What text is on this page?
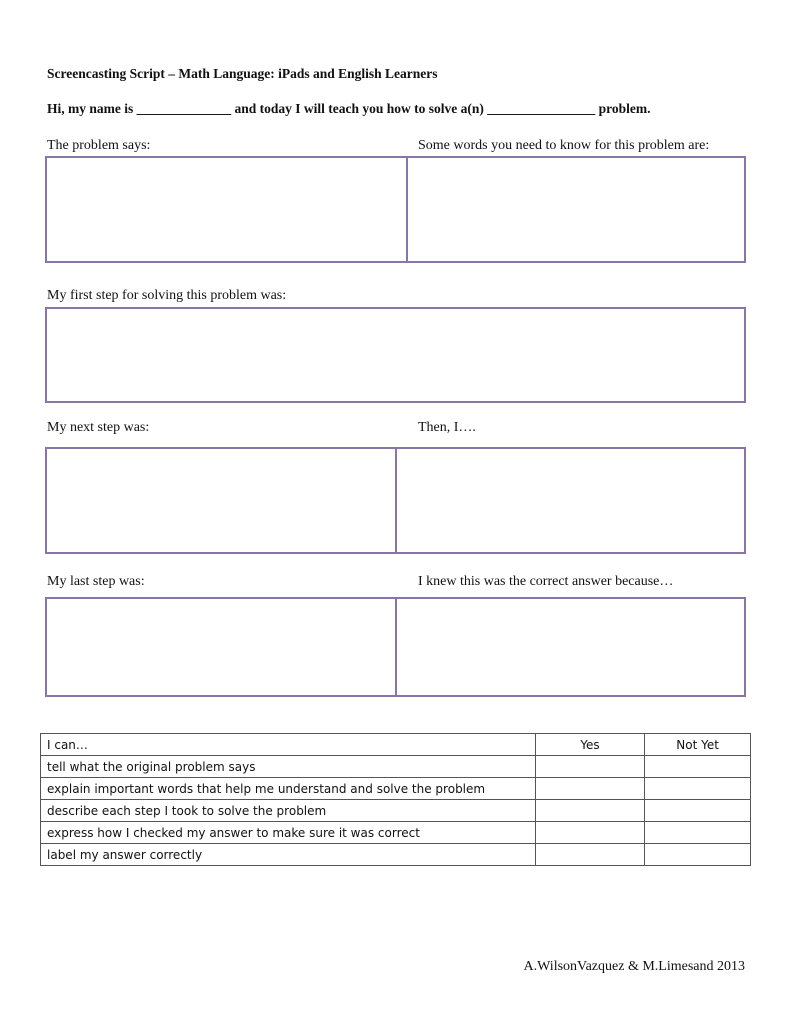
Screencasting Script – Math Language: iPads and English Learners
Hi, my name is ______________ and today I will teach you how to solve a(n) ________________ problem.
The problem says:	Some words you need to know for this problem are:
My first step for solving this problem was:
My next step was:	Then, I….
My last step was:	I knew this was the correct answer because…
I can…	Yes	Not Yet
tell what the original problem says		
explain important words that help me understand and solve the problem		
describe each step I took to solve the problem		
express how I checked my answer to make sure it was correct		
label my answer correctly		
A.WilsonVazquez & M.Limesand 2013
